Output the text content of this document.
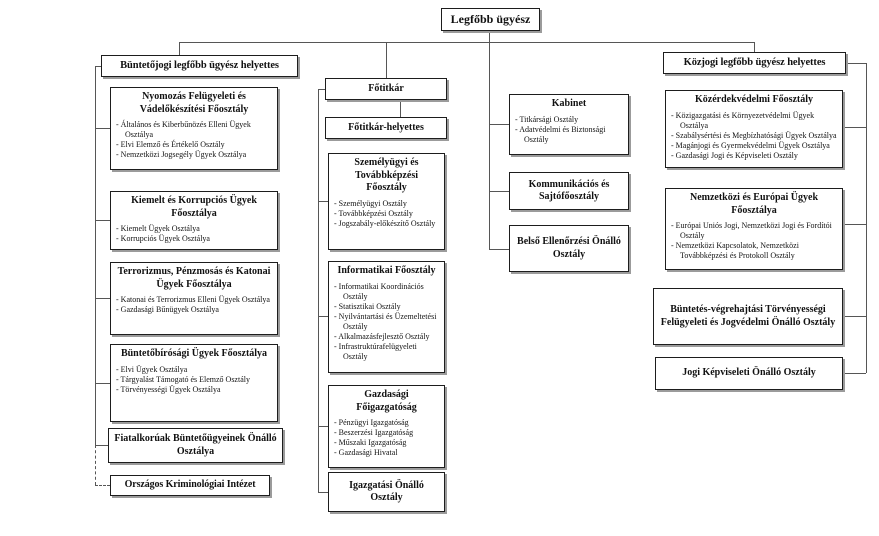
Legfőbb ügyész
Büntetőjogi legfőbb ügyész helyettes
Nyomozás Felügyeleti és Vádelőkészítési Főosztály
- Általános és Kiberbűnözés Elleni Ügyek Osztálya
- Elvi Elemző és Értékelő Osztály
- Nemzetközi Jogsegély Ügyek Osztálya
Kiemelt és Korrupciós Ügyek Főosztálya
- Kiemelt Ügyek Osztálya
- Korrupciós Ügyek Osztálya
Terrorizmus, Pénzmosás és Katonai Ügyek Főosztálya
- Katonai és Terrorizmus Elleni Ügyek Osztálya
- Gazdasági Bűnügyek Osztálya
Büntetőbírósági Ügyek Főosztálya
- Elvi Ügyek Osztálya
- Tárgyalást Támogató és Elemző Osztály
- Törvényességi Ügyek Osztálya
Fiatalkorúak Büntetőügyeinek Önálló Osztálya
Országos Kriminológiai Intézet
Főtitkár
Főtitkár-helyettes
Személyügyi és Továbbképzési Főosztály
- Személyügyi Osztály
- Továbbképzési Osztály
- Jogszabály-előkészítő Osztály
Informatikai Főosztály
- Informatikai Koordinációs Osztály
- Statisztikai Osztály
- Nyilvántartási és Üzemeltetési Osztály
- Alkalmazásfejlesztő Osztály
- Infrastruktúrafelügyeleti Osztály
Gazdasági Főigazgatóság
- Pénzügyi Igazgatóság
- Beszerzési Igazgatóság
- Műszaki Igazgatóság
- Gazdasági Hivatal
Igazgatási Önálló Osztály
Kabinet
- Titkársági Osztály
- Adatvédelmi és Biztonsági Osztály
Kommunikációs és Sajtófőosztály
Belső Ellenőrzési Önálló Osztály
Közjogi legfőbb ügyész helyettes
Közérdekvédelmi Főosztály
- Közigazgatási és Környezetvédelmi Ügyek Osztálya
- Szabálysértési és Megbízhatósági Ügyek Osztálya
- Magánjogi és Gyermekvédelmi Ügyek Osztálya
- Gazdasági Jogi és Képviseleti Osztály
Nemzetközi és Európai Ügyek Főosztálya
- Európai Uniós Jogi, Nemzetközi Jogi és Fordítói Osztály
- Nemzetközi Kapcsolatok, Nemzetközi Továbbképzési és Protokoll Osztály
Büntetés-végrehajtási Törvényességi Felügyeleti és Jogvédelmi Önálló Osztály
Jogi Képviseleti Önálló Osztály
